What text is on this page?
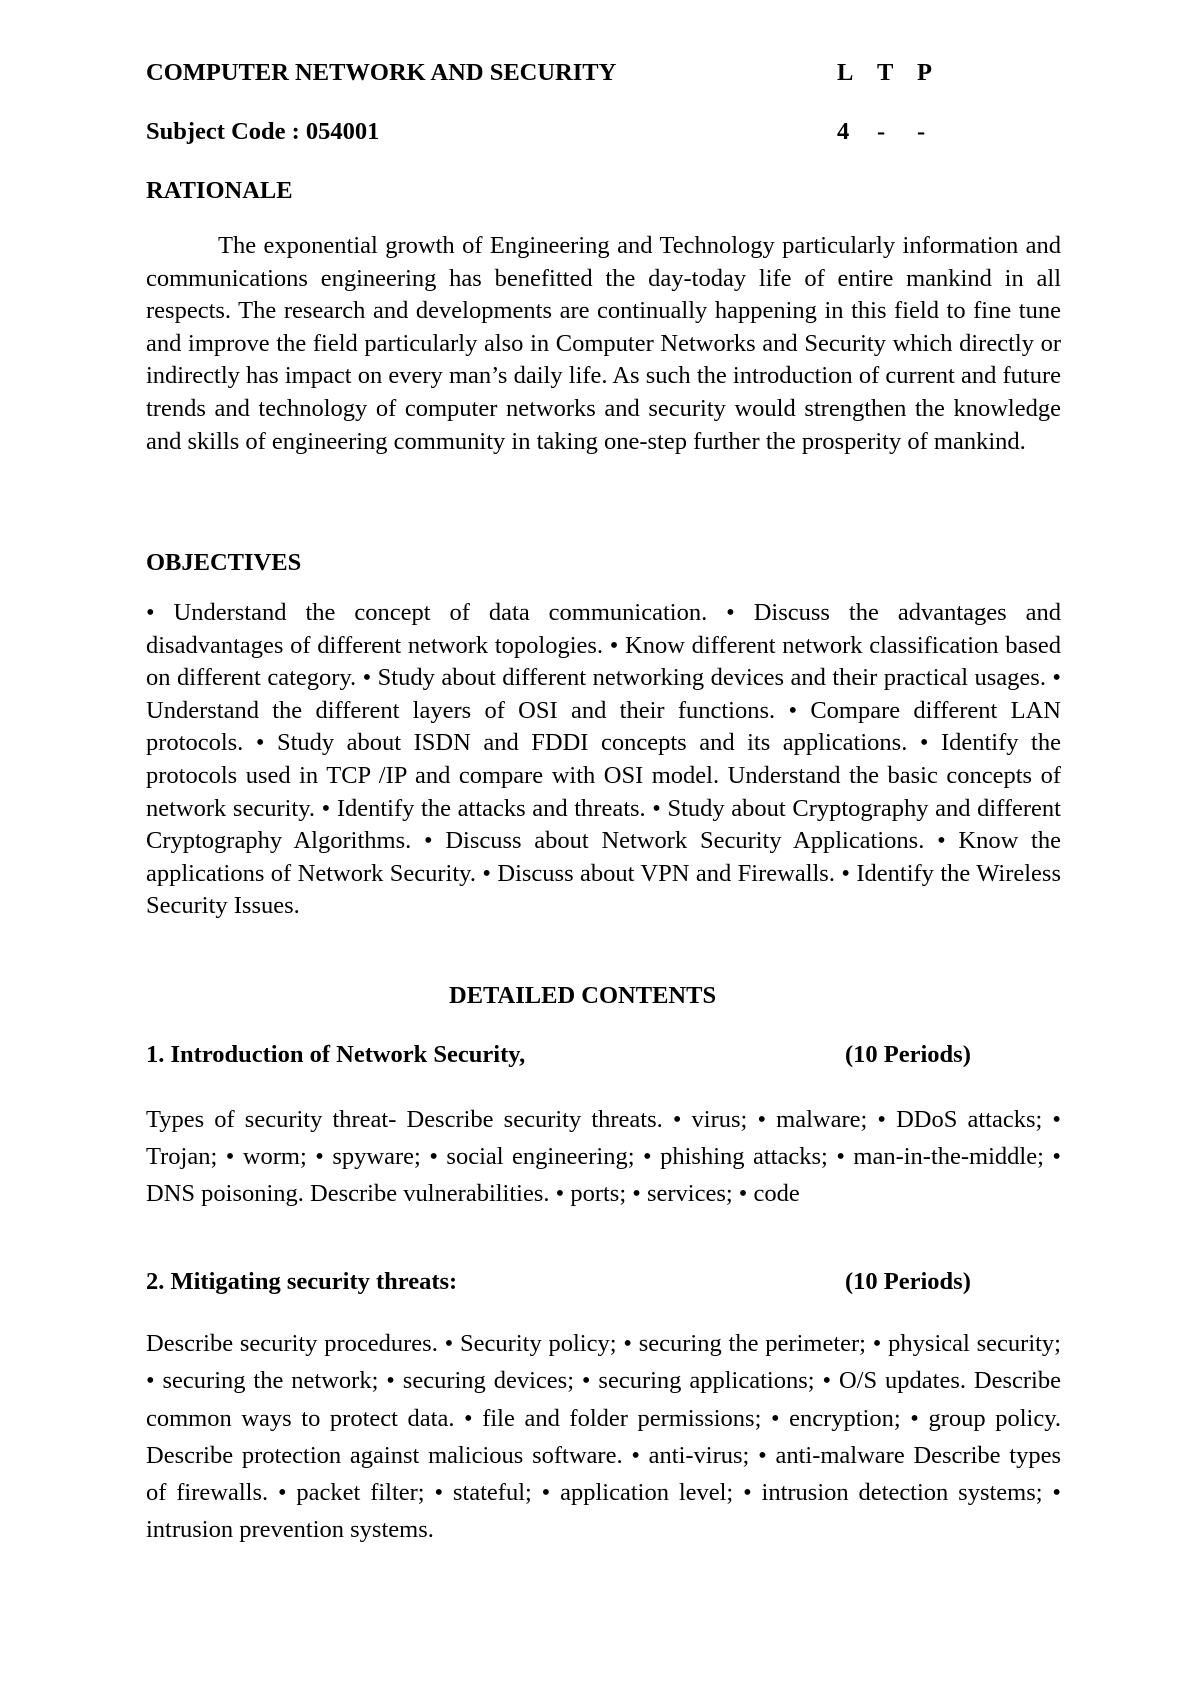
COMPUTER NETWORK AND SECURITY	L T P
Subject Code : 054001	4 - -
RATIONALE

The exponential growth of Engineering and Technology particularly information and communications engineering has benefitted the day-today life of entire mankind in all respects. The research and developments are continually happening in this field to fine tune and improve the field particularly also in Computer Networks and Security which directly or indirectly has impact on every man’s daily life. As such the introduction of current and future trends and technology of computer networks and security would strengthen the knowledge and skills of engineering community in taking one-step further the prosperity of mankind.

OBJECTIVES

• Understand the concept of data communication. • Discuss the advantages and disadvantages of different network topologies. • Know different network classification based on different category. • Study about different networking devices and their practical usages. • Understand the different layers of OSI and their functions. • Compare different LAN protocols. • Study about ISDN and FDDI concepts and its applications. • Identify the protocols used in TCP /IP and compare with OSI model. Understand the basic concepts of network security. • Identify the attacks and threats. • Study about Cryptography and different Cryptography Algorithms. • Discuss about Network Security Applications. • Know the applications of Network Security. • Discuss about VPN and Firewalls. • Identify the Wireless Security Issues.

DETAILED CONTENTS
1. Introduction of Network Security,	(10 Periods)

Types of security threat- Describe security threats. • virus; • malware; • DDoS attacks; • Trojan; • worm; • spyware; • social engineering; • phishing attacks; • man-in-the-middle; • DNS poisoning. Describe vulnerabilities. • ports; • services; • code

2. Mitigating security threats:	(10 Periods)

Describe security procedures. • Security policy; • securing the perimeter; • physical security; • securing the network; • securing devices; • securing applications; • O/S updates. Describe common ways to protect data. • file and folder permissions; • encryption; • group policy. Describe protection against malicious software. • anti-virus; • anti-malware Describe types of firewalls. • packet filter; • stateful; • application level; • intrusion detection systems; • intrusion prevention systems.
